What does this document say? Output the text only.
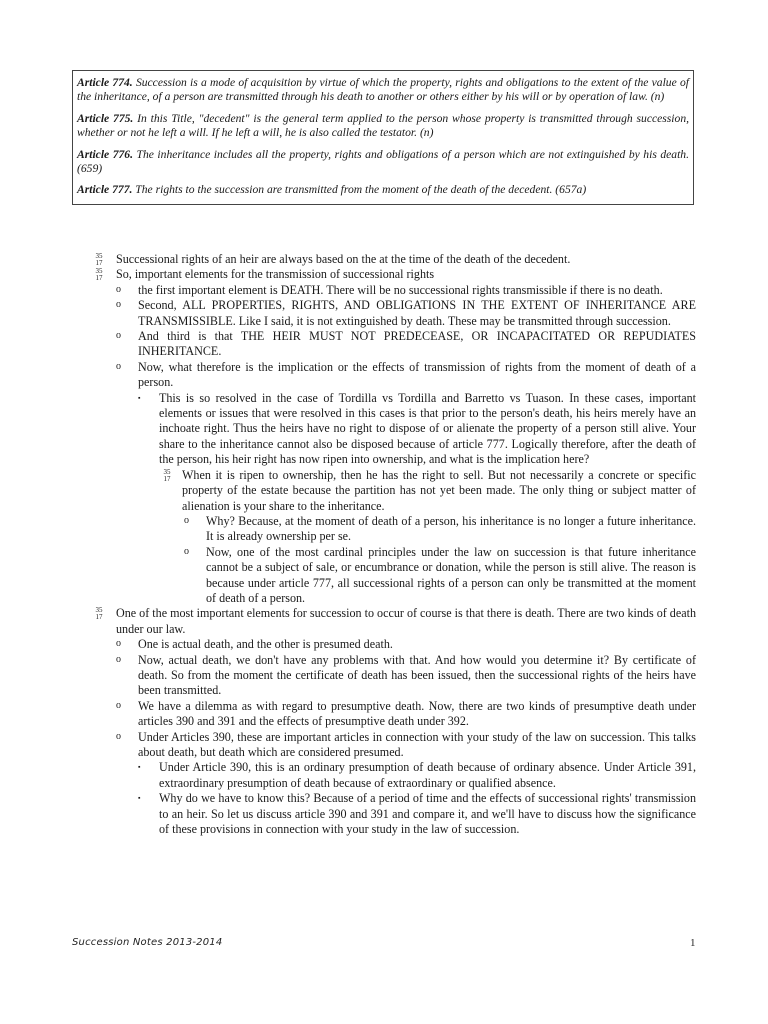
Article 774. Succession is a mode of acquisition by virtue of which the property, rights and obligations to the extent of the value of the inheritance, of a person are transmitted through his death to another or others either by his will or by operation of law. (n)

Article 775. In this Title, "decedent" is the general term applied to the person whose property is transmitted through succession, whether or not he left a will. If he left a will, he is also called the testator. (n)

Article 776. The inheritance includes all the property, rights and obligations of a person which are not extinguished by his death. (659)

Article 777. The rights to the succession are transmitted from the moment of the death of the decedent. (657a)

35
17 Successional rights of an heir are always based on the at the time of the death of the decedent.
35
17 So, important elements for the transmission of successional rights
o the first important element is DEATH. There will be no successional rights transmissible if there is no death.
o Second, ALL PROPERTIES, RIGHTS, AND OBLIGATIONS IN THE EXTENT OF INHERITANCE ARE TRANSMISSIBLE. Like I said, it is not extinguished by death. These may be transmitted through succession.
o And third is that THE HEIR MUST NOT PREDECEASE, OR INCAPACITATED OR REPUDIATES INHERITANCE.
o Now, what therefore is the implication or the effects of transmission of rights from the moment of death of a person.
▪ This is so resolved in the case of Tordilla vs Tordilla and Barretto vs Tuason. In these cases, important elements or issues that were resolved in this cases is that prior to the person's death, his heirs merely have an inchoate right. Thus the heirs have no right to dispose of or alienate the property of a person still alive. Your share to the inheritance cannot also be disposed because of article 777. Logically therefore, after the death of the person, his heir right has now ripen into ownership, and what is the implication here?
35
17 When it is ripen to ownership, then he has the right to sell. But not necessarily a concrete or specific property of the estate because the partition has not yet been made. The only thing or subject matter of alienation is your share to the inheritance.
o Why? Because, at the moment of death of a person, his inheritance is no longer a future inheritance. It is already ownership per se.
o Now, one of the most cardinal principles under the law on succession is that future inheritance cannot be a subject of sale, or encumbrance or donation, while the person is still alive. The reason is because under article 777, all successional rights of a person can only be transmitted at the moment of death of a person.
35
17 One of the most important elements for succession to occur of course is that there is death. There are two kinds of death under our law.
o One is actual death, and the other is presumed death.
o Now, actual death, we don't have any problems with that. And how would you determine it? By certificate of death. So from the moment the certificate of death has been issued, then the successional rights of the heirs have been transmitted.
o We have a dilemma as with regard to presumptive death. Now, there are two kinds of presumptive death under articles 390 and 391 and the effects of presumptive death under 392.
o Under Articles 390, these are important articles in connection with your study of the law on succession. This talks about death, but death which are considered presumed.
▪ Under Article 390, this is an ordinary presumption of death because of ordinary absence. Under Article 391, extraordinary presumption of death because of extraordinary or qualified absence.
▪ Why do we have to know this? Because of a period of time and the effects of successional rights' transmission to an heir. So let us discuss article 390 and 391 and compare it, and we'll have to discuss how the significance of these provisions in connection with your study in the law of succession.
Succession Notes 2013-2014	1
